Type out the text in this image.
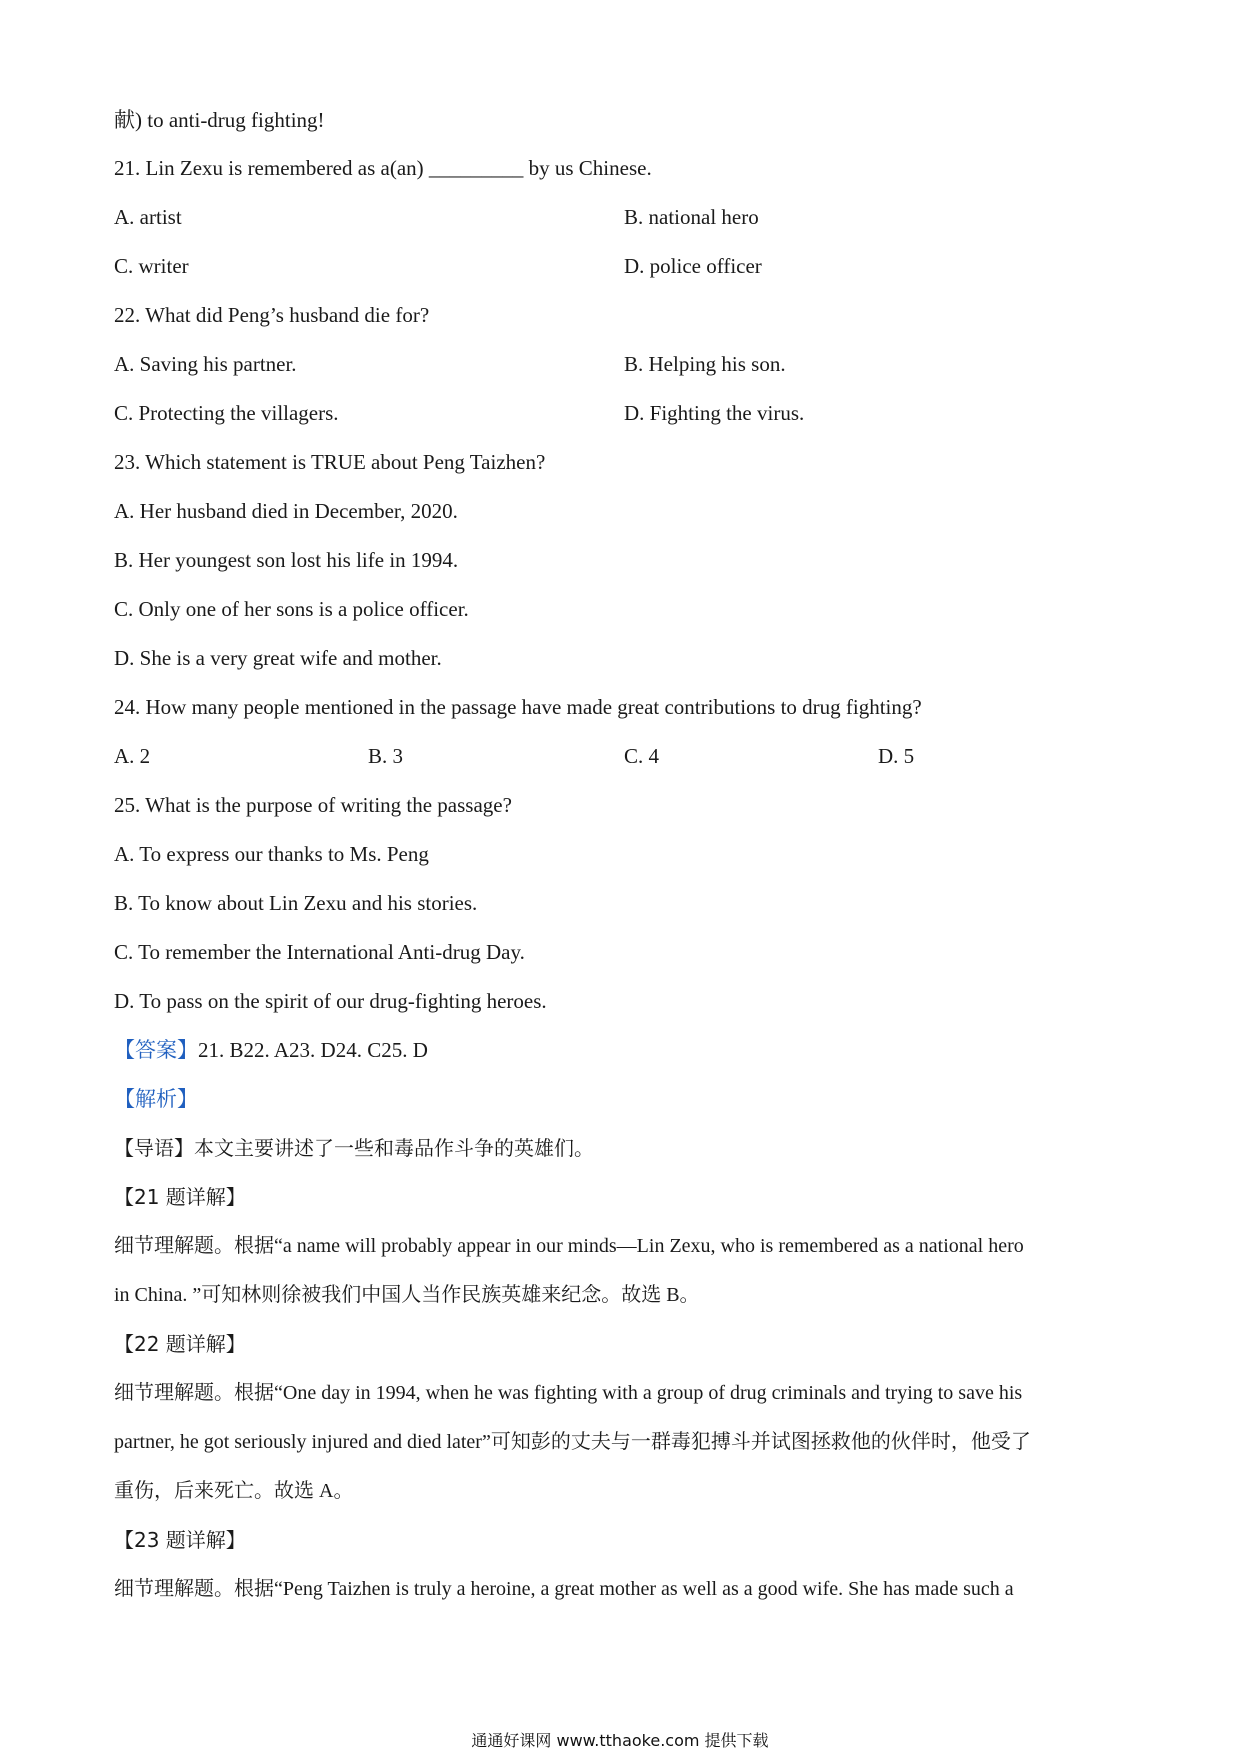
献) to anti-drug fighting!
21. Lin Zexu is remembered as a(an) _________ by us Chinese.
A. artist	B. national hero
C. writer	D. police officer
22. What did Peng’s husband die for?
A. Saving his partner.	B. Helping his son.
C. Protecting the villagers.	D. Fighting the virus.
23. Which statement is TRUE about Peng Taizhen?
A. Her husband died in December, 2020.
B. Her youngest son lost his life in 1994.
C. Only one of her sons is a police officer.
D. She is a very great wife and mother.
24. How many people mentioned in the passage have made great contributions to drug fighting?
A. 2	B. 3	C. 4	D. 5
25. What is the purpose of writing the passage?
A. To express our thanks to Ms. Peng
B. To know about Lin Zexu and his stories.
C. To remember the International Anti-drug Day.
D. To pass on the spirit of our drug-fighting heroes.
【答案】21. B22. A23. D24. C25. D
【解析】
【导语】本文主要讲述了一些和毒品作斗争的英雄们。
【21 题详解】
细节理解题。根据“a name will probably appear in our minds—Lin Zexu, who is remembered as a national hero
in China. ”可知林则徐被我们中国人当作民族英雄来纪念。故选 B。
【22 题详解】
细节理解题。根据“One day in 1994, when he was fighting with a group of drug criminals and trying to save his
partner, he got seriously injured and died later”可知彭的丈夫与一群毒犯搏斗并试图拯救他的伙伴时，他受了
重伤，后来死亡。故选 A。
【23 题详解】
细节理解题。根据“Peng Taizhen is truly a heroine, a great mother as well as a good wife. She has made such a
通通好课网 www.tthaoke.com 提供下载
